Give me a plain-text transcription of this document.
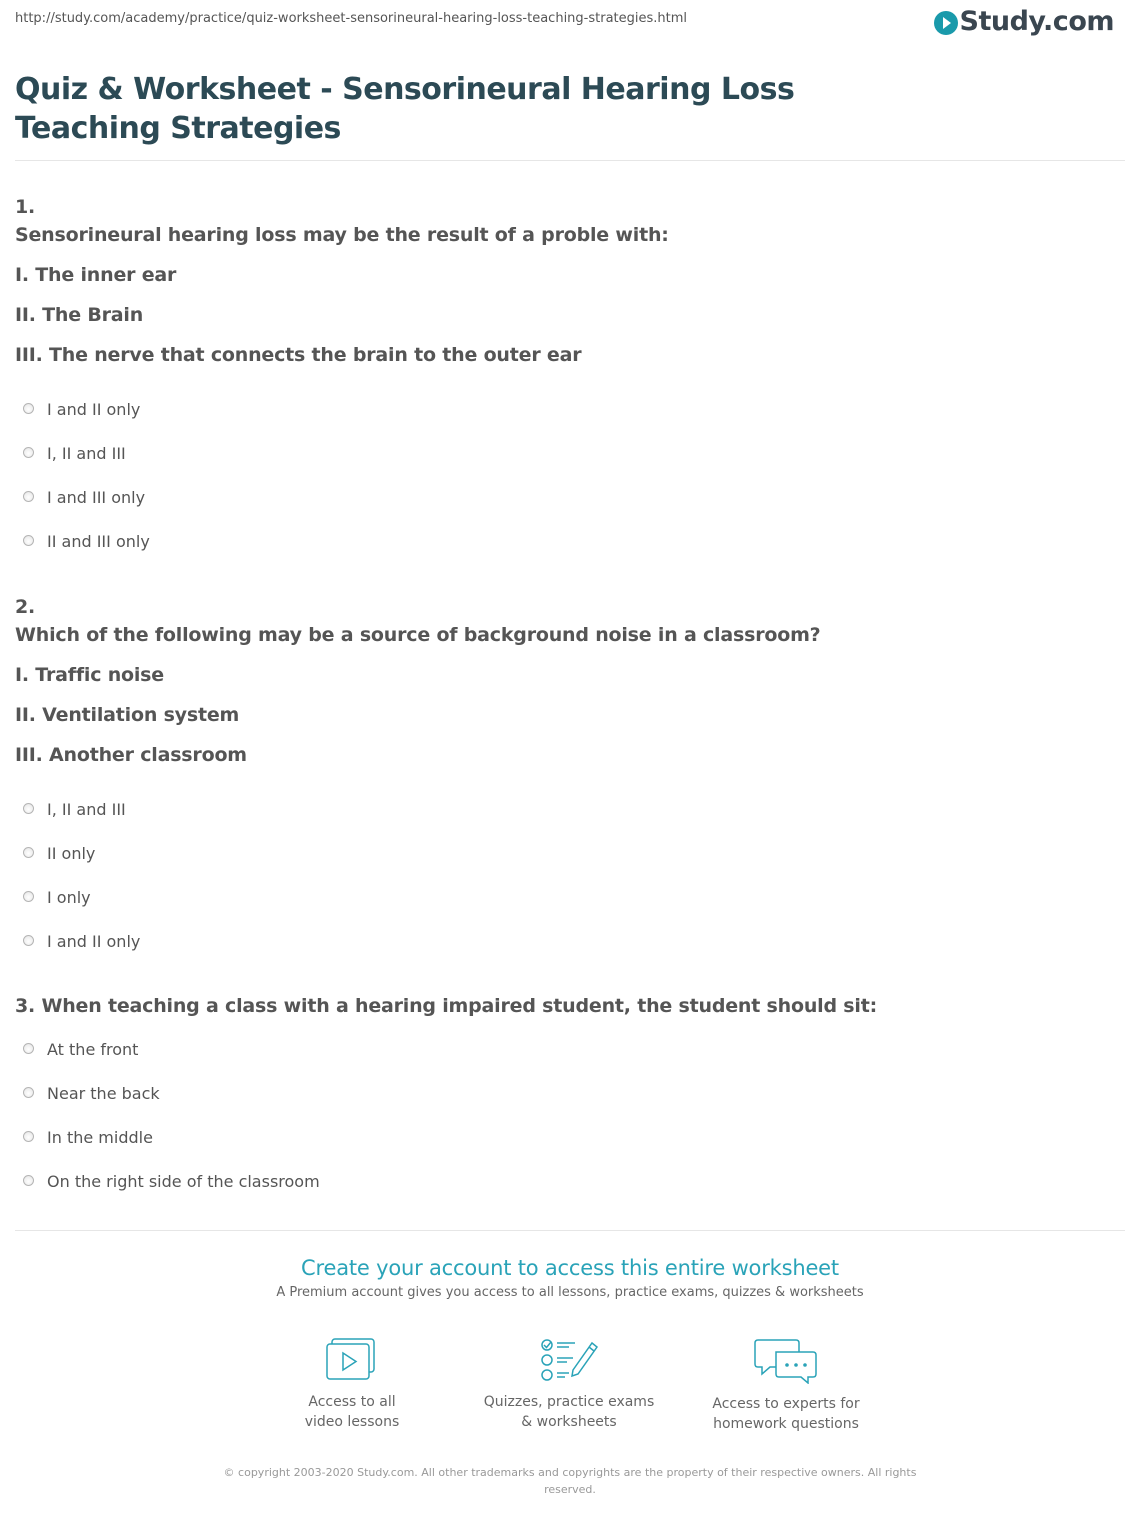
http://study.com/academy/practice/quiz-worksheet-sensorineural-hearing-loss-teaching-strategies.html	Study.com
Quiz & Worksheet - Sensorineural Hearing Loss Teaching Strategies
1.
Sensorineural hearing loss may be the result of a proble with:
I. The inner ear
II. The Brain
III. The nerve that connects the brain to the outer ear
I and II only
I, II and III
I and III only
II and III only
2.
Which of the following may be a source of background noise in a classroom?
I. Traffic noise
II. Ventilation system
III. Another classroom
I, II and III
II only
I only
I and II only
3. When teaching a class with a hearing impaired student, the student should sit:
At the front
Near the back
In the middle
On the right side of the classroom
Create your account to access this entire worksheet
A Premium account gives you access to all lessons, practice exams, quizzes & worksheets
Access to all
video lessons
Quizzes, practice exams
& worksheets
Access to experts for
homework questions
© copyright 2003-2020 Study.com. All other trademarks and copyrights are the property of their respective owners. All rights reserved.
